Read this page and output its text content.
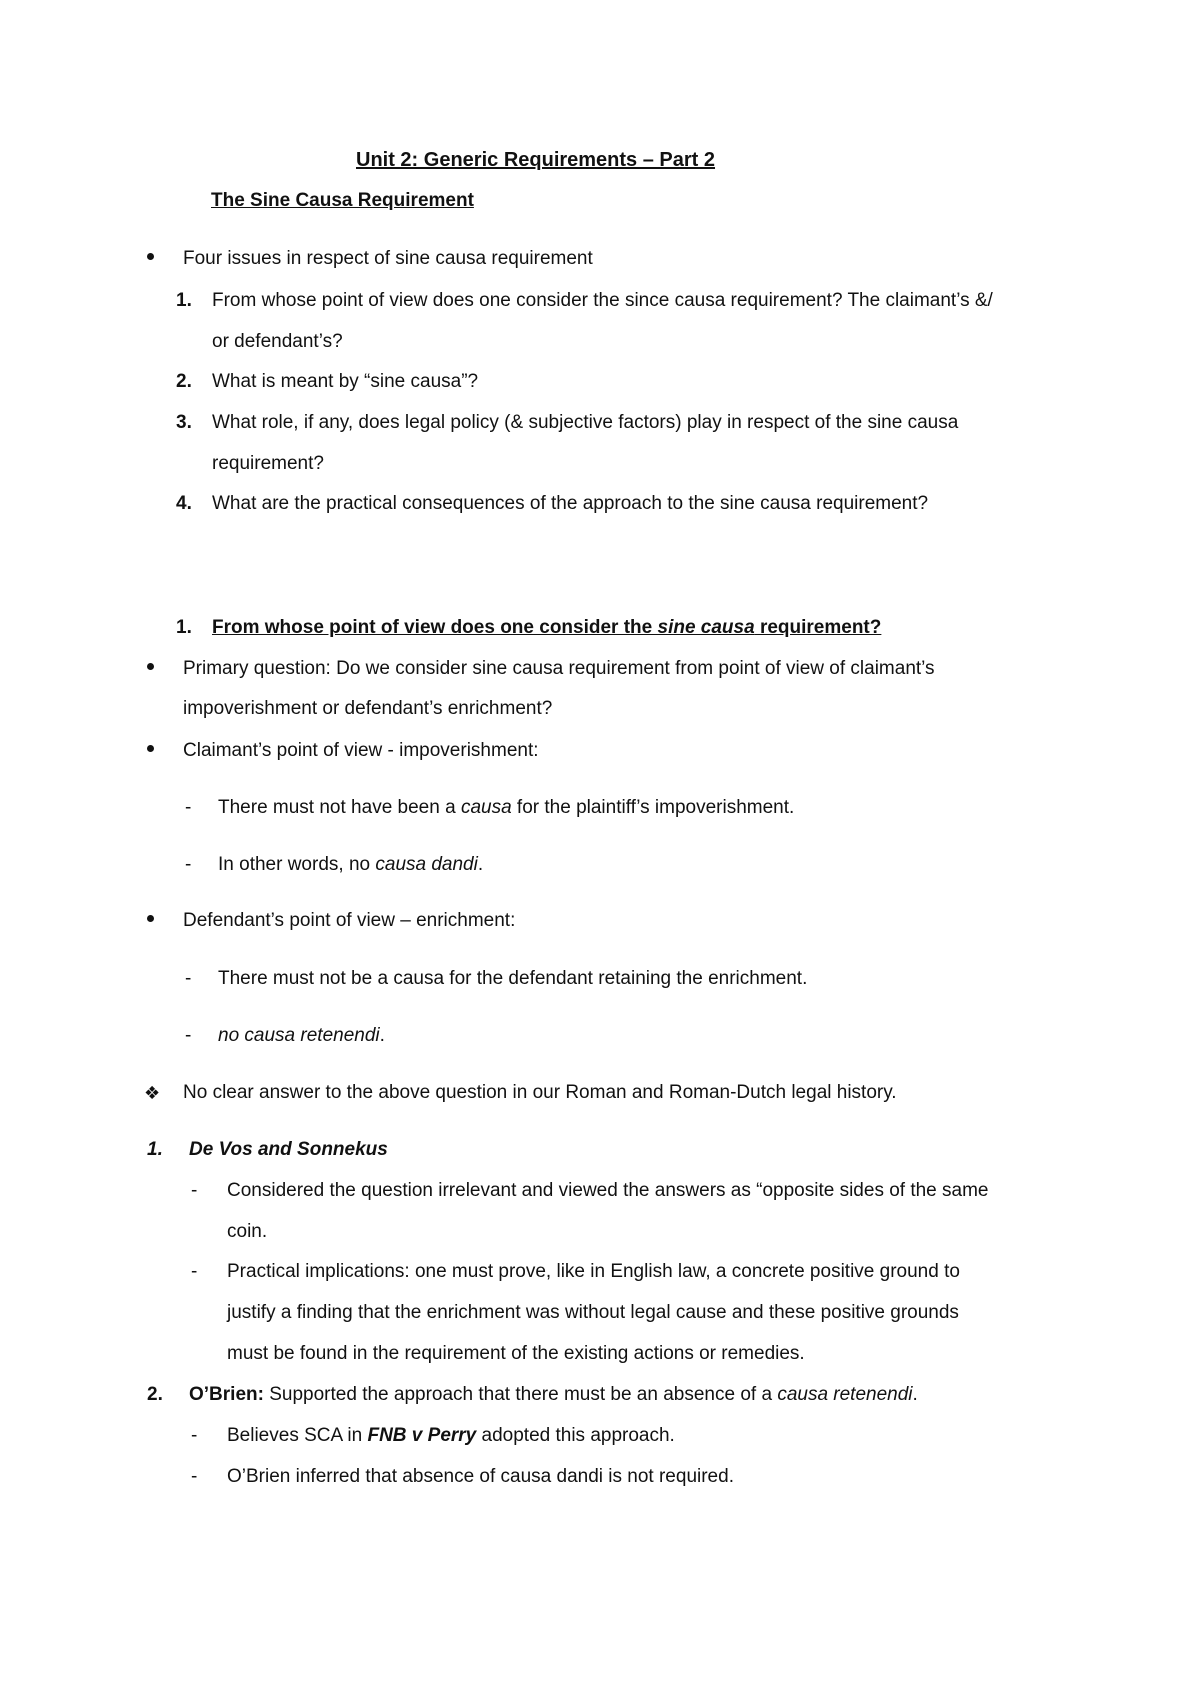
Unit 2: Generic Requirements – Part 2
The Sine Causa Requirement
Four issues in respect of sine causa requirement
1. From whose point of view does one consider the since causa requirement? The claimant’s &/
or defendant’s?
2. What is meant by “sine causa”?
3. What role, if any, does legal policy (& subjective factors) play in respect of the sine causa
requirement?
4. What are the practical consequences of the approach to the sine causa requirement?
1. From whose point of view does one consider the sine causa requirement?
Primary question: Do we consider sine causa requirement from point of view of claimant’s
impoverishment or defendant’s enrichment?
Claimant’s point of view - impoverishment:
- There must not have been a causa for the plaintiff’s impoverishment.
- In other words, no causa dandi.
Defendant’s point of view – enrichment:
- There must not be a causa for the defendant retaining the enrichment.
- no causa retenendi.
❖ No clear answer to the above question in our Roman and Roman-Dutch legal history.
1. De Vos and Sonnekus
- Considered the question irrelevant and viewed the answers as “opposite sides of the same
coin.
- Practical implications: one must prove, like in English law, a concrete positive ground to
justify a finding that the enrichment was without legal cause and these positive grounds
must be found in the requirement of the existing actions or remedies.
2. O’Brien: Supported the approach that there must be an absence of a causa retenendi.
- Believes SCA in FNB v Perry adopted this approach.
- O’Brien inferred that absence of causa dandi is not required.
